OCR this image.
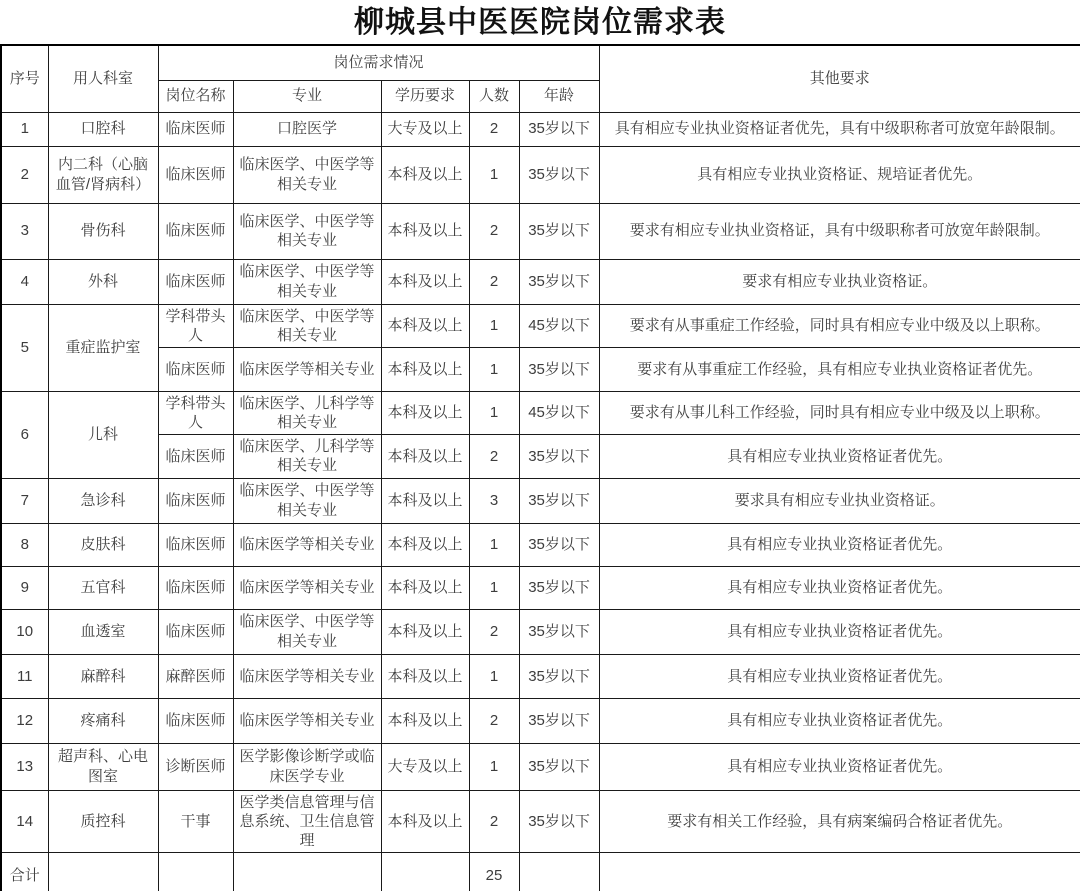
柳城县中医医院岗位需求表
序号	用人科室	岗位需求情况					其他要求
		岗位名称	专业	学历要求	人数	年龄	
1	口腔科	临床医师	口腔医学	大专及以上	2	35岁以下	具有相应专业执业资格证者优先，具有中级职称者可放宽年龄限制。
2	内二科（心脑血管/肾病科）	临床医师	临床医学、中医学等相关专业	本科及以上	1	35岁以下	具有相应专业执业资格证、规培证者优先。
3	骨伤科	临床医师	临床医学、中医学等相关专业	本科及以上	2	35岁以下	要求有相应专业执业资格证，具有中级职称者可放宽年龄限制。
4	外科	临床医师	临床医学、中医学等相关专业	本科及以上	2	35岁以下	要求有相应专业执业资格证。
5	重症监护室	学科带头人	临床医学、中医学等相关专业	本科及以上	1	45岁以下	要求有从事重症工作经验，同时具有相应专业中级及以上职称。
		临床医师	临床医学等相关专业	本科及以上	1	35岁以下	要求有从事重症工作经验，具有相应专业执业资格证者优先。
6	儿科	学科带头人	临床医学、儿科学等相关专业	本科及以上	1	45岁以下	要求有从事儿科工作经验，同时具有相应专业中级及以上职称。
		临床医师	临床医学、儿科学等相关专业	本科及以上	2	35岁以下	具有相应专业执业资格证者优先。
7	急诊科	临床医师	临床医学、中医学等相关专业	本科及以上	3	35岁以下	要求具有相应专业执业资格证。
8	皮肤科	临床医师	临床医学等相关专业	本科及以上	1	35岁以下	具有相应专业执业资格证者优先。
9	五官科	临床医师	临床医学等相关专业	本科及以上	1	35岁以下	具有相应专业执业资格证者优先。
10	血透室	临床医师	临床医学、中医学等相关专业	本科及以上	2	35岁以下	具有相应专业执业资格证者优先。
11	麻醉科	麻醉医师	临床医学等相关专业	本科及以上	1	35岁以下	具有相应专业执业资格证者优先。
12	疼痛科	临床医师	临床医学等相关专业	本科及以上	2	35岁以下	具有相应专业执业资格证者优先。
13	超声科、心电图室	诊断医师	医学影像诊断学或临床医学专业	大专及以上	1	35岁以下	具有相应专业执业资格证者优先。
14	质控科	干事	医学类信息管理与信息系统、卫生信息管理	本科及以上	2	35岁以下	要求有相关工作经验，具有病案编码合格证者优先。
合计					25		
